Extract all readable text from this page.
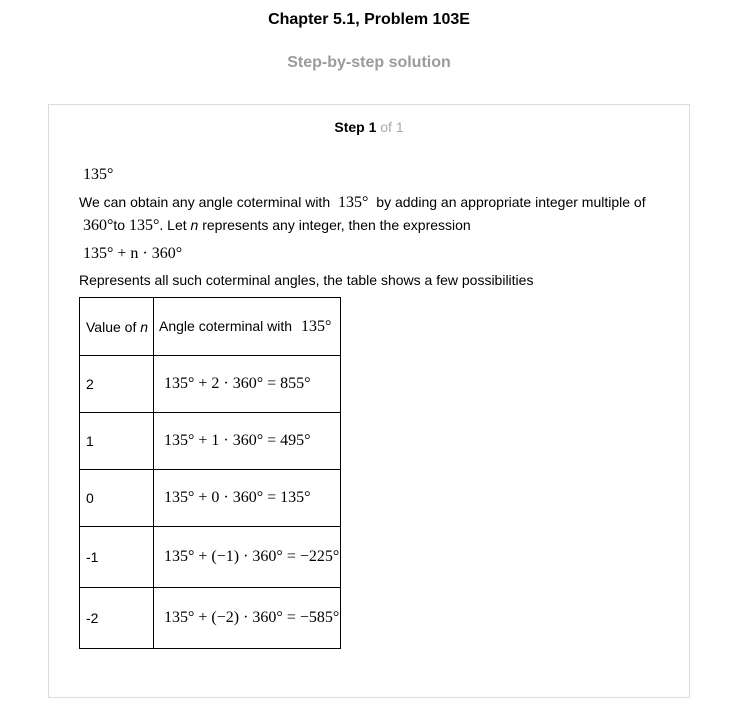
Chapter 5.1, Problem 103E
Step-by-step solution
Step 1 of 1
135°
We can obtain any angle coterminal with 135° by adding an appropriate integer multiple of
360°to 135°. Let n represents any integer, then the expression
135° + n · 360°
Represents all such coterminal angles, the table shows a few possibilities
Value of n	Angle coterminal with 135°
2	135° + 2 · 360° = 855°
1	135° + 1 · 360° = 495°
0	135° + 0 · 360° = 135°
-1	135° + (−1) · 360° = −225°
-2	135° + (−2) · 360° = −585°
